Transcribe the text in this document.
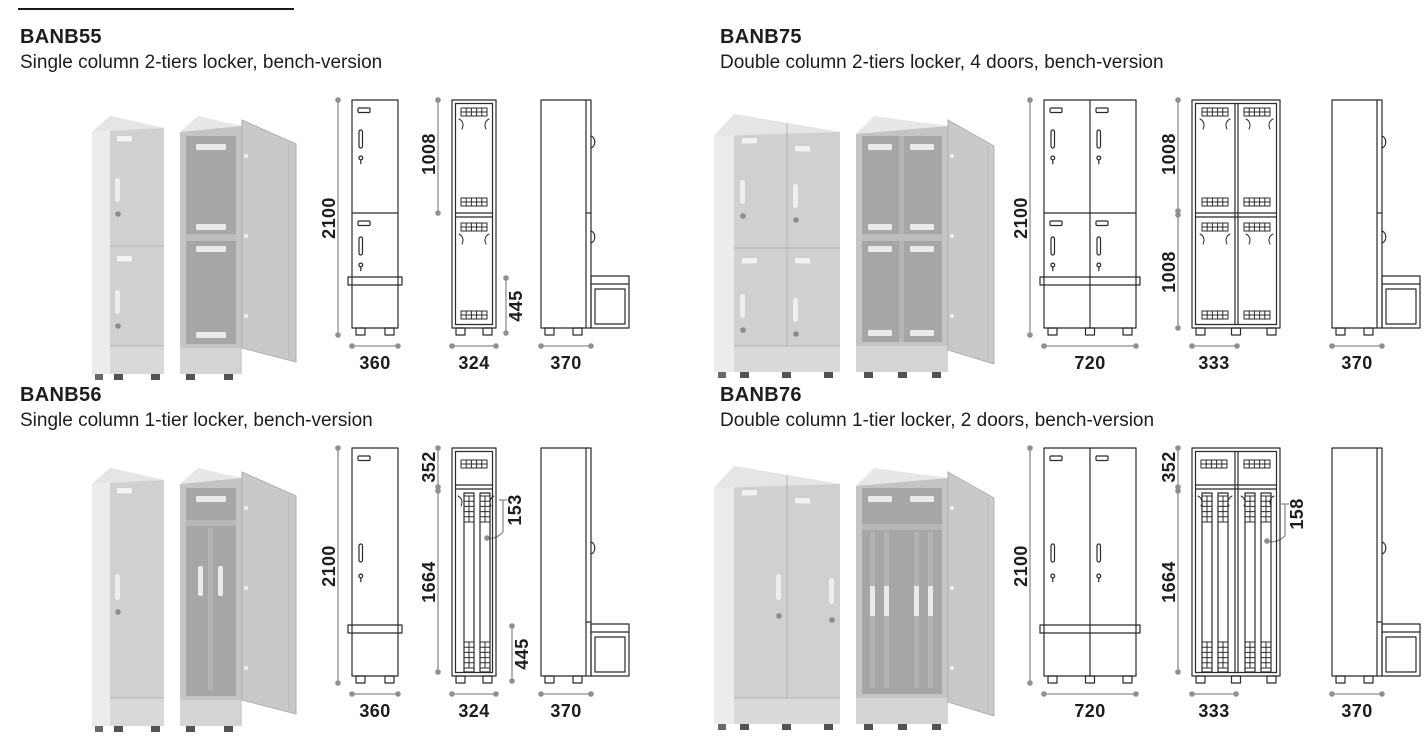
BANB55

Single column 2-tiers locker, bench-version

2100
360
1008
445
324	370
BANB75

Double column 2-tiers locker, 4 doors, bench-version

2100
720
1008
1008
333	370
BANB56

Single column 1-tier locker, bench-version

2100
360
352
1664
153
445
324	370
BANB76

Double column 1-tier locker, 2 doors, bench-version

2100
720
352
1664
158
333	370
